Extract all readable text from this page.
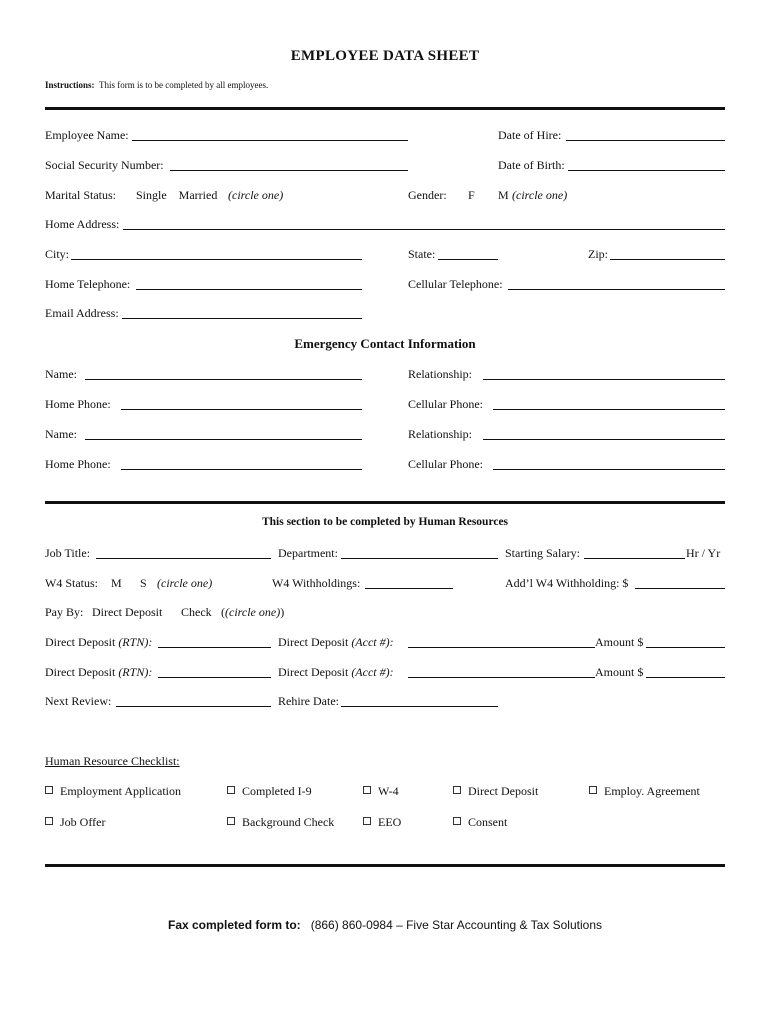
EMPLOYEE DATA SHEET
Instructions: This form is to be completed by all employees.
Employee Name:	Date of Hire:
Social Security Number:	Date of Birth:
Marital Status: Single    Married (circle one)	Gender: F M (circle one)
Home Address:
City:	State:	Zip:
Home Telephone:	Cellular Telephone:
Email Address:
Emergency Contact Information
Name:	Relationship:
Home Phone:	Cellular Phone:
Name:	Relationship:
Home Phone:	Cellular Phone:
This section to be completed by Human Resources
Job Title:	Department:	Starting Salary:	Hr / Yr
W4 Status: M S (circle one)	W4 Withholdings:	Add’l W4 Withholding: $
Pay By: Direct Deposit Check ((circle one))
Direct Deposit (RTN):	Direct Deposit (Acct #):	Amount $
Direct Deposit (RTN):	Direct Deposit (Acct #):	Amount $
Next Review:	Rehire Date:
Human Resource Checklist:
Employment Application	Completed I-9	W-4	Direct Deposit	Employ. Agreement
Job Offer	Background Check	EEO	Consent
Fax completed form to: (866) 860-0984 – Five Star Accounting & Tax Solutions
